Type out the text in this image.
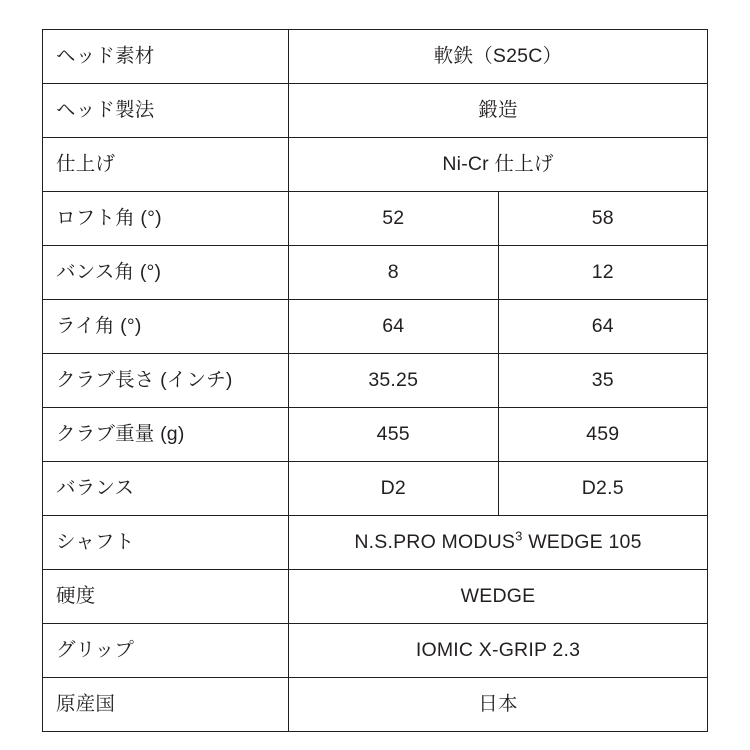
ヘッド素材	軟鉄（S25C）	
ヘッド製法	鍛造	
仕上げ	Ni-Cr 仕上げ	
ロフト角 (°)	52	58
バンス角 (°)	8	12
ライ角 (°)	64	64
クラブ長さ (インチ)	35.25	35
クラブ重量 (g)	455	459
バランス	D2	D2.5
シャフト	N.S.PRO MODUS$^3$ WEDGE 105	
硬度	WEDGE	
グリップ	IOMIC X-GRIP 2.3	
原産国	日本	
